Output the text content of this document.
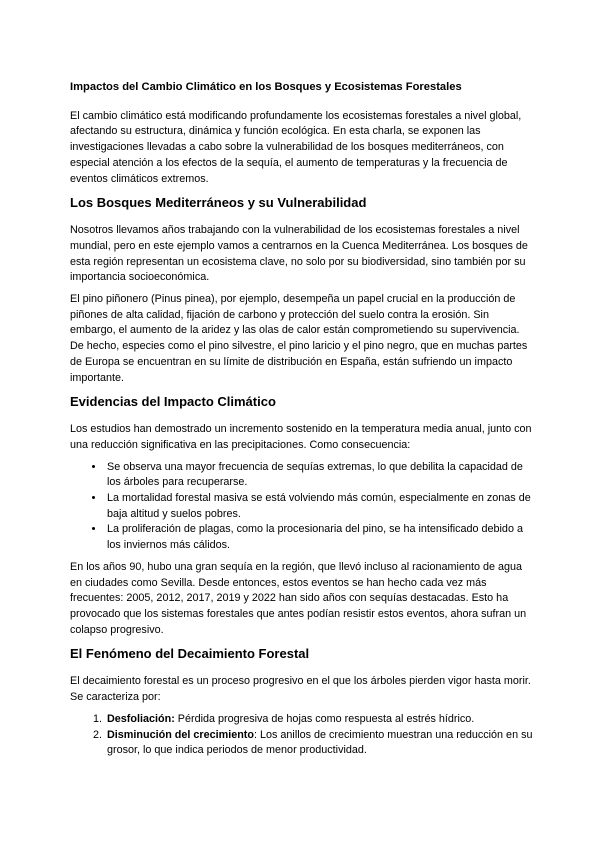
Impactos del Cambio Climático en los Bosques y Ecosistemas Forestales

El cambio climático está modificando profundamente los ecosistemas forestales a nivel global, afectando su estructura, dinámica y función ecológica. En esta charla, se exponen las investigaciones llevadas a cabo sobre la vulnerabilidad de los bosques mediterráneos, con especial atención a los efectos de la sequía, el aumento de temperaturas y la frecuencia de eventos climáticos extremos.

Los Bosques Mediterráneos y su Vulnerabilidad

Nosotros llevamos años trabajando con la vulnerabilidad de los ecosistemas forestales a nivel mundial, pero en este ejemplo vamos a centrarnos en la Cuenca Mediterránea. Los bosques de esta región representan un ecosistema clave, no solo por su biodiversidad, sino también por su importancia socioeconómica.

El pino piñonero (Pinus pinea), por ejemplo, desempeña un papel crucial en la producción de piñones de alta calidad, fijación de carbono y protección del suelo contra la erosión. Sin embargo, el aumento de la aridez y las olas de calor están comprometiendo su supervivencia. De hecho, especies como el pino silvestre, el pino laricio y el pino negro, que en muchas partes de Europa se encuentran en su límite de distribución en España, están sufriendo un impacto importante.

Evidencias del Impacto Climático

Los estudios han demostrado un incremento sostenido en la temperatura media anual, junto con una reducción significativa en las precipitaciones. Como consecuencia:

• Se observa una mayor frecuencia de sequías extremas, lo que debilita la capacidad de los árboles para recuperarse.
• La mortalidad forestal masiva se está volviendo más común, especialmente en zonas de baja altitud y suelos pobres.
• La proliferación de plagas, como la procesionaria del pino, se ha intensificado debido a los inviernos más cálidos.

En los años 90, hubo una gran sequía en la región, que llevó incluso al racionamiento de agua en ciudades como Sevilla. Desde entonces, estos eventos se han hecho cada vez más frecuentes: 2005, 2012, 2017, 2019 y 2022 han sido años con sequías destacadas. Esto ha provocado que los sistemas forestales que antes podían resistir estos eventos, ahora sufran un colapso progresivo.

El Fenómeno del Decaimiento Forestal

El decaimiento forestal es un proceso progresivo en el que los árboles pierden vigor hasta morir. Se caracteriza por:

1. Desfoliación: Pérdida progresiva de hojas como respuesta al estrés hídrico.
2. Disminución del crecimiento: Los anillos de crecimiento muestran una reducción en su grosor, lo que indica periodos de menor productividad.
